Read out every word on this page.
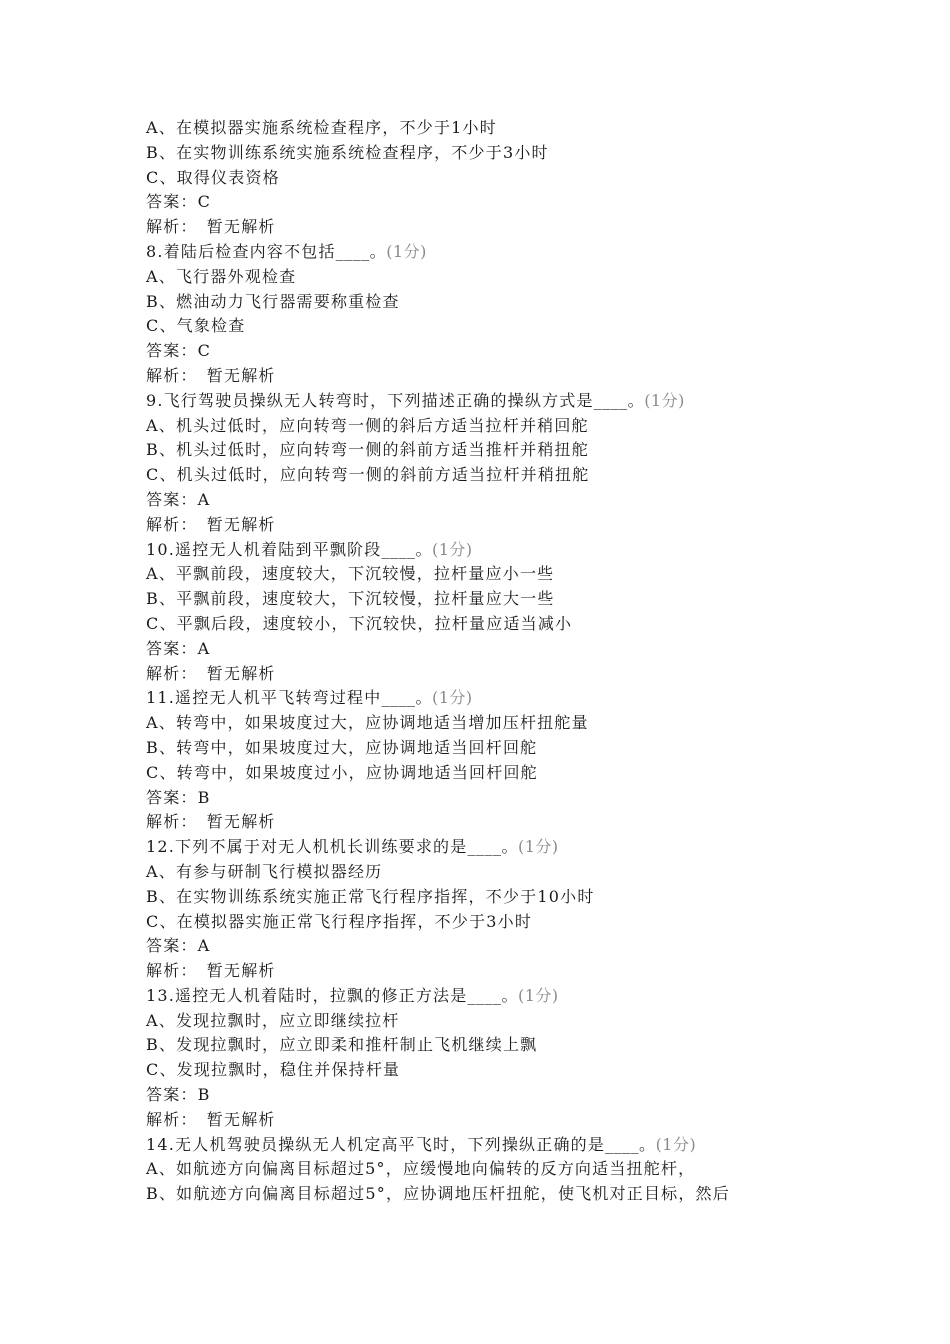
A、在模拟器实施系统检查程序，不少于1小时
B、在实物训练系统实施系统检查程序，不少于3小时
C、取得仪表资格
答案：C
解析：　暂无解析
8.着陆后检查内容不包括____。(1分)
A、飞行器外观检查
B、燃油动力飞行器需要称重检查
C、气象检查
答案：C
解析：　暂无解析
9.飞行驾驶员操纵无人转弯时，下列描述正确的操纵方式是____。(1分)
A、机头过低时，应向转弯一侧的斜后方适当拉杆并稍回舵
B、机头过低时，应向转弯一侧的斜前方适当推杆并稍扭舵
C、机头过低时，应向转弯一侧的斜前方适当拉杆并稍扭舵
答案：A
解析：　暂无解析
10.遥控无人机着陆到平飘阶段____。(1分)
A、平飘前段，速度较大，下沉较慢，拉杆量应小一些
B、平飘前段，速度较大，下沉较慢，拉杆量应大一些
C、平飘后段，速度较小，下沉较快，拉杆量应适当减小
答案：A
解析：　暂无解析
11.遥控无人机平飞转弯过程中____。(1分)
A、转弯中，如果坡度过大，应协调地适当增加压杆扭舵量
B、转弯中，如果坡度过大，应协调地适当回杆回舵
C、转弯中，如果坡度过小，应协调地适当回杆回舵
答案：B
解析：　暂无解析
12.下列不属于对无人机机长训练要求的是____。(1分)
A、有参与研制飞行模拟器经历
B、在实物训练系统实施正常飞行程序指挥，不少于10小时
C、在模拟器实施正常飞行程序指挥，不少于3小时
答案：A
解析：　暂无解析
13.遥控无人机着陆时，拉飘的修正方法是____。(1分)
A、发现拉飘时，应立即继续拉杆
B、发现拉飘时，应立即柔和推杆制止飞机继续上飘
C、发现拉飘时，稳住并保持杆量
答案：B
解析：　暂无解析
14.无人机驾驶员操纵无人机定高平飞时，下列操纵正确的是____。(1分)
A、如航迹方向偏离目标超过5°，应缓慢地向偏转的反方向适当扭舵杆，
B、如航迹方向偏离目标超过5°，应协调地压杆扭舵，使飞机对正目标，然后
